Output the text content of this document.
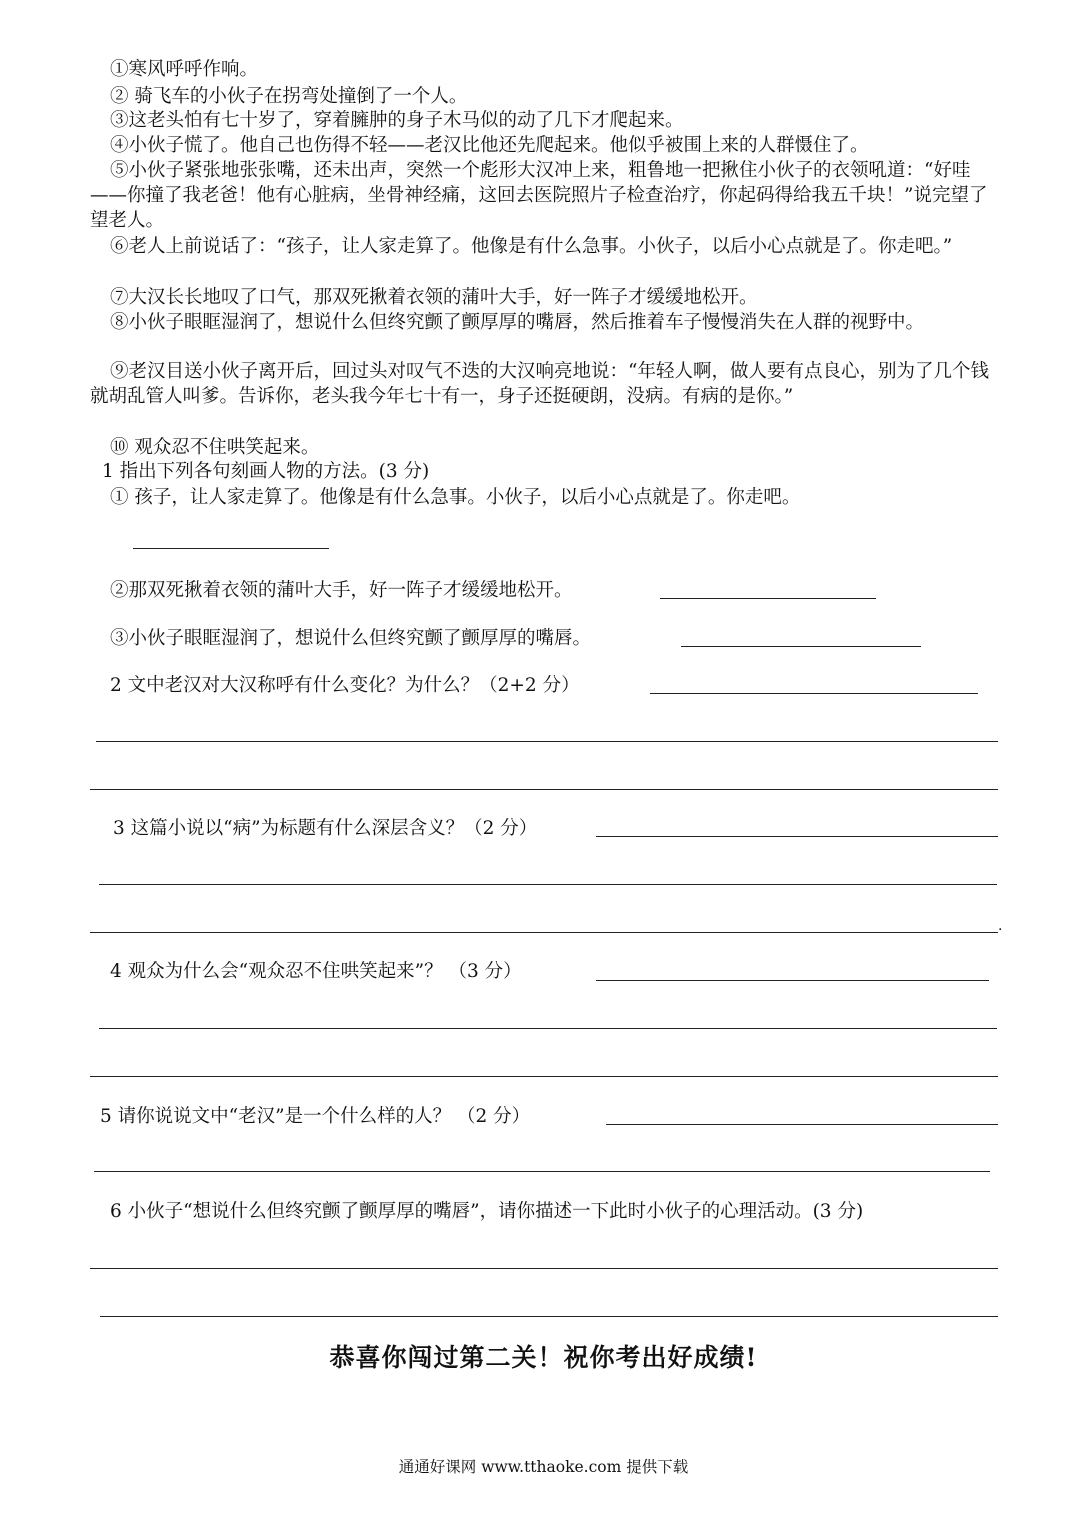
①寒风呼呼作响。

② 骑飞车的小伙子在拐弯处撞倒了一个人。

③这老头怕有七十岁了，穿着臃肿的身子木马似的动了几下才爬起来。

④小伙子慌了。他自己也伤得不轻——老汉比他还先爬起来。他似乎被围上来的人群慑住了。

⑤小伙子紧张地张张嘴，还未出声，突然一个彪形大汉冲上来，粗鲁地一把揪住小伙子的衣领吼道：“好哇——你撞了我老爸！他有心脏病，坐骨神经痛，这回去医院照片子检查治疗，你起码得给我五千块！”说完望了望老人。

⑥老人上前说话了：“孩子，让人家走算了。他像是有什么急事。小伙子，以后小心点就是了。你走吧。”

⑦大汉长长地叹了口气，那双死揪着衣领的蒲叶大手，好一阵子才缓缓地松开。

⑧小伙子眼眶湿润了，想说什么但终究颤了颤厚厚的嘴唇，然后推着车子慢慢消失在人群的视野中。

⑨老汉目送小伙子离开后，回过头对叹气不迭的大汉响亮地说：“年轻人啊，做人要有点良心，别为了几个钱就胡乱管人叫爹。告诉你，老头我今年七十有一，身子还挺硬朗，没病。有病的是你。”

⑩ 观众忍不住哄笑起来。

1 指出下列各句刻画人物的方法。(3 分)
① 孩子，让人家走算了。他像是有什么急事。小伙子，以后小心点就是了。你走吧。
②那双死揪着衣领的蒲叶大手，好一阵子才缓缓地松开。
③小伙子眼眶湿润了，想说什么但终究颤了颤厚厚的嘴唇。
2 文中老汉对大汉称呼有什么变化？为什么？（2+2 分）
3 这篇小说以“病”为标题有什么深层含义？（2 分）
.
4 观众为什么会“观众忍不住哄笑起来”？ （3 分）
5 请你说说文中“老汉”是一个什么样的人？ （2 分）
6 小伙子“想说什么但终究颤了颤厚厚的嘴唇”，请你描述一下此时小伙子的心理活动。(3 分)
恭喜你闯过第二关！祝你考出好成绩!
通通好课网 www.tthaoke.com 提供下载
